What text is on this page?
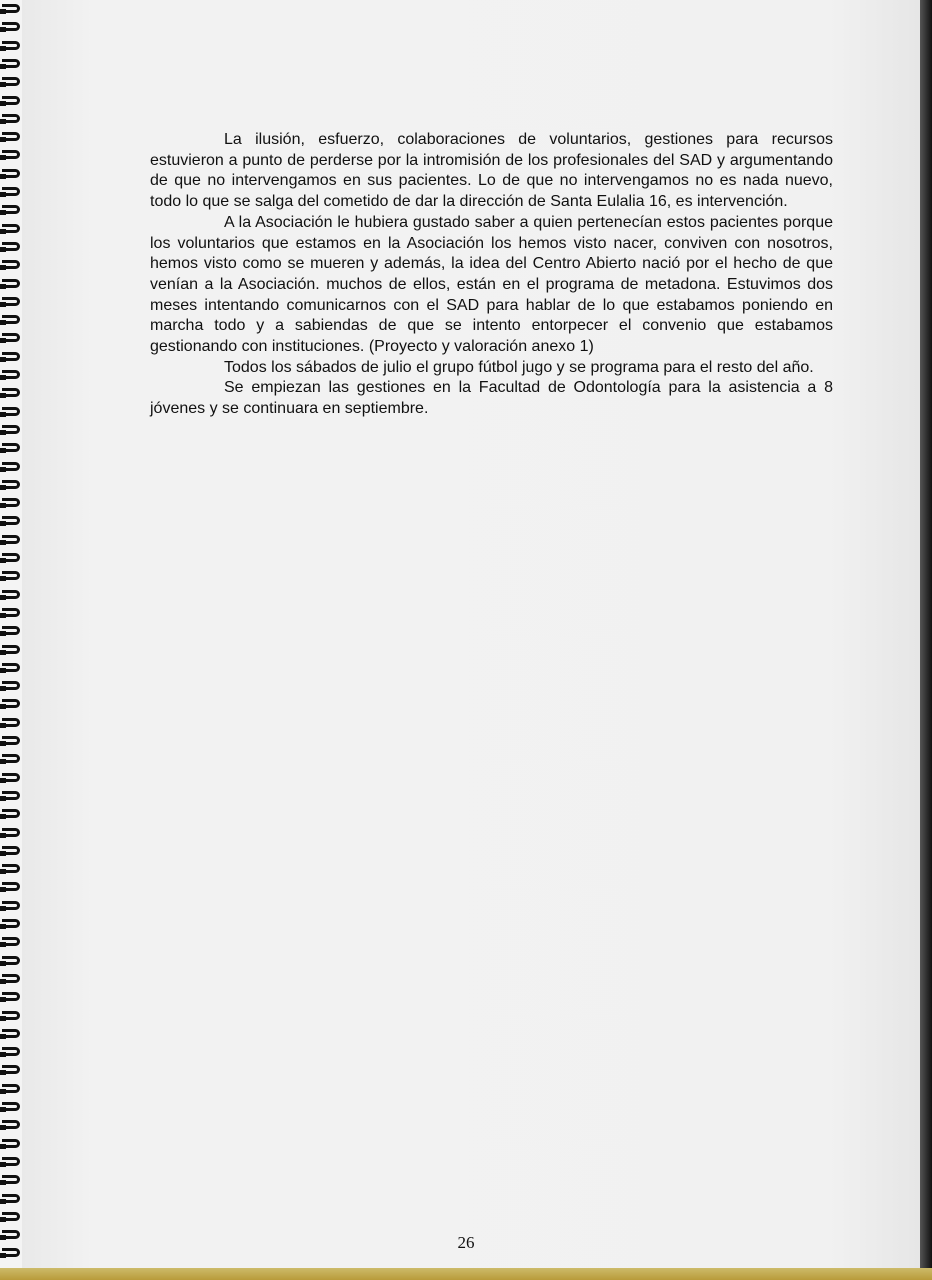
La ilusión, esfuerzo, colaboraciones de voluntarios, gestiones para recursos estuvieron a punto de perderse por la intromisión de los profesionales del SAD y argumentando de que no intervengamos en sus pacientes. Lo de que no intervengamos no es nada nuevo, todo lo que se salga del cometido de dar la dirección de Santa Eulalia 16, es intervención.

A la Asociación le hubiera gustado saber a quien pertenecían estos pacientes porque los voluntarios que estamos en la Asociación los hemos visto nacer, conviven con nosotros, hemos visto como se mueren y además, la idea del Centro Abierto nació por el hecho de que venían a la Asociación. muchos de ellos, están en el programa de metadona. Estuvimos dos meses intentando comunicarnos con el SAD para hablar de lo que estabamos poniendo en marcha todo y a sabiendas de que se intento entorpecer el convenio que estabamos gestionando con instituciones. (Proyecto y valoración anexo 1)

Todos los sábados de julio el grupo fútbol jugo y se programa para el resto del año.

Se empiezan las gestiones en la Facultad de Odontología para la asistencia a 8 jóvenes y se continuara en septiembre.

26
